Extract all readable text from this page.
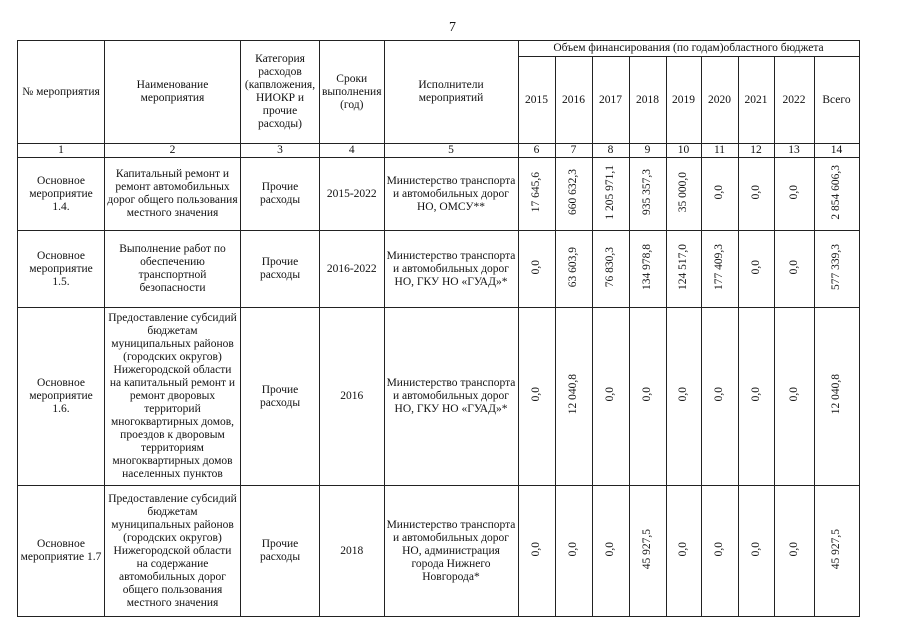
7
№ мероприятия	Наименование мероприятия	Категория расходов (капвложения, НИОКР и прочие расходы)	Сроки выполнения (год)	Исполнители мероприятий	Объем финансирования (по годам)областного бюджета								
					2015	2016	2017	2018	2019	2020	2021	2022	Всего
1	2	3	4	5	6	7	8	9	10	11	12	13	14
Основное мероприятие 1.4.	Капитальный ремонт и ремонт автомобильных дорог общего пользования местного значения	Прочие расходы	2015-2022	Министерство транспорта и автомобильных дорог НО, ОМСУ**	17 645,6	660 632,3	1 205 971,1	935 357,3	35 000,0	0,0	0,0	0,0	2 854 606,3
Основное мероприятие 1.5.	Выполнение работ по обеспечению транспортной безопасности	Прочие расходы	2016-2022	Министерство транспорта и автомобильных дорог НО, ГКУ НО «ГУАД»*	0,0	63 603,9	76 830,3	134 978,8	124 517,0	177 409,3	0,0	0,0	577 339,3
Основное мероприятие 1.6.	Предоставление субсидий бюджетам муниципальных районов (городских округов) Нижегородской области на капитальный ремонт и ремонт дворовых территорий многоквартирных домов, проездов к дворовым территориям многоквартирных домов населенных пунктов	Прочие расходы	2016	Министерство транспорта и автомобильных дорог НО, ГКУ НО «ГУАД»*	0,0	12 040,8	0,0	0,0	0,0	0,0	0,0	0,0	12 040,8
Основное мероприятие 1.7	Предоставление субсидий бюджетам муниципальных районов (городских округов) Нижегородской области на содержание автомобильных дорог общего пользования местного значения	Прочие расходы	2018	Министерство транспорта и автомобильных дорог НО, администрация города Нижнего Новгорода*	0,0	0,0	0,0	45 927,5	0,0	0,0	0,0	0,0	45 927,5
